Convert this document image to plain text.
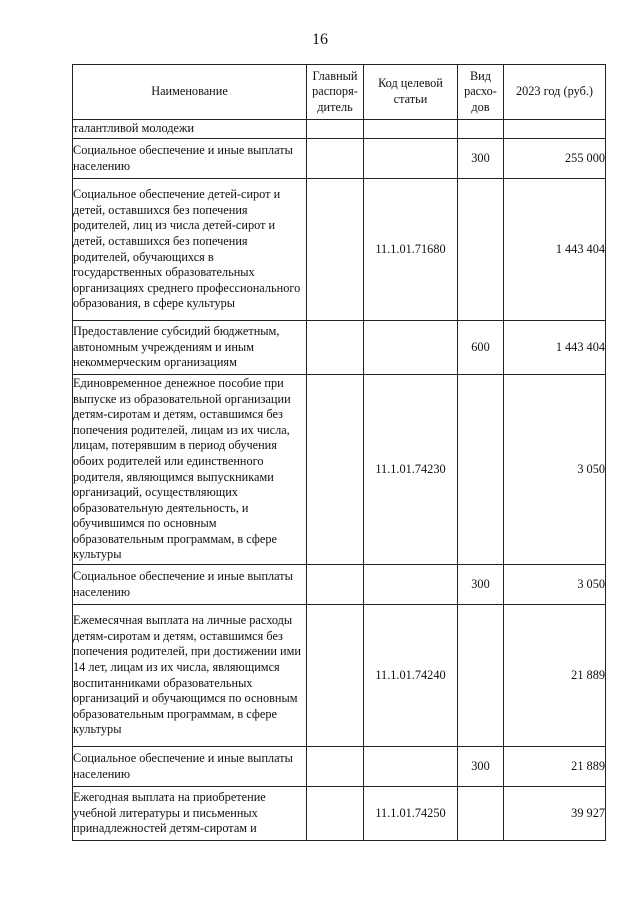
16
Наименование	Главный распоря-дитель	Код целевой статьи	Вид расхо-дов	2023 год (руб.)
талантливой молодежи				
Социальное обеспечение и иные выплаты населению			300	255 000
Социальное обеспечение детей-сирот и детей, оставшихся без попечения родителей, лиц из числа детей-сирот и детей, оставшихся без попечения родителей, обучающихся в государственных образовательных организациях среднего профессионального образования, в сфере культуры		11.1.01.71680		1 443 404
Предоставление субсидий бюджетным, автономным учреждениям и иным некоммерческим организациям			600	1 443 404
Единовременное денежное пособие при выпуске из образовательной организации детям-сиротам и детям, оставшимся без попечения родителей, лицам из их числа, лицам, потерявшим в период обучения обоих родителей или единственного родителя, являющимся выпускниками организаций, осуществляющих образовательную деятельность, и обучившимся по основным образовательным программам, в сфере культуры		11.1.01.74230		3 050
Социальное обеспечение и иные выплаты населению			300	3 050
Ежемесячная выплата на личные расходы детям-сиротам и детям, оставшимся без попечения родителей, при достижении ими 14 лет, лицам из их числа, являющимся воспитанниками образовательных организаций и обучающимся по основным образовательным программам, в сфере культуры		11.1.01.74240		21 889
Социальное обеспечение и иные выплаты населению			300	21 889
Ежегодная выплата на приобретение учебной литературы и письменных принадлежностей детям-сиротам и		11.1.01.74250		39 927
